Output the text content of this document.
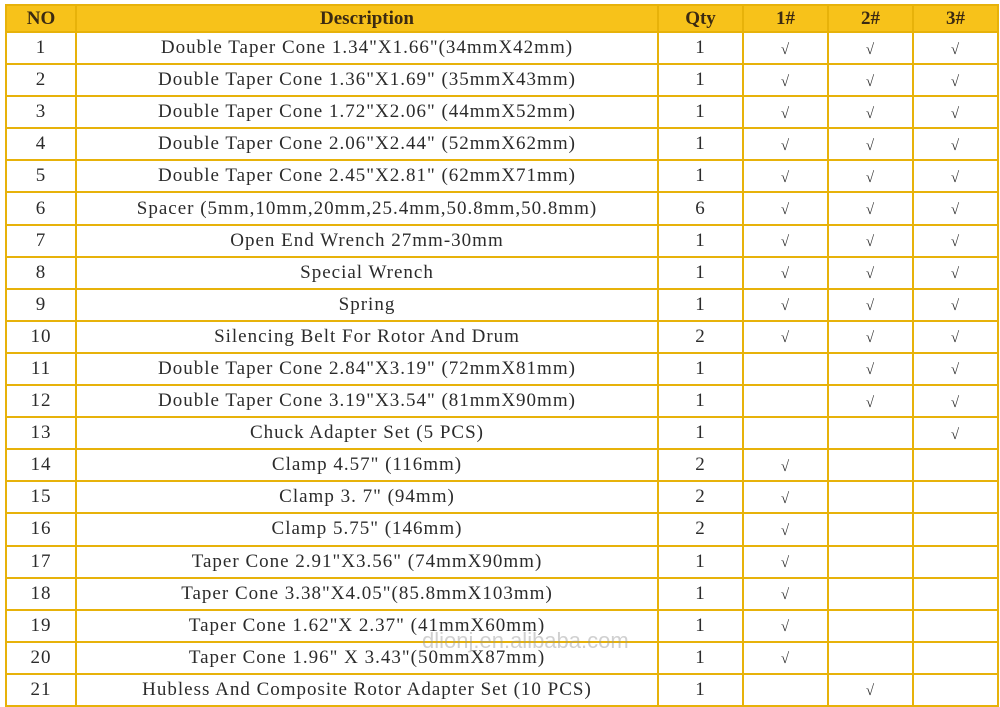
NO	Description	Qty	1#	2#	3#
1	Double Taper Cone 1.34"X1.66"(34mmX42mm)	1	√	√	√
2	Double Taper Cone 1.36"X1.69" (35mmX43mm)	1	√	√	√
3	Double Taper Cone 1.72"X2.06" (44mmX52mm)	1	√	√	√
4	Double Taper Cone 2.06"X2.44" (52mmX62mm)	1	√	√	√
5	Double Taper Cone 2.45"X2.81" (62mmX71mm)	1	√	√	√
6	Spacer (5mm,10mm,20mm,25.4mm,50.8mm,50.8mm)	6	√	√	√
7	Open End Wrench 27mm-30mm	1	√	√	√
8	Special Wrench	1	√	√	√
9	Spring	1	√	√	√
10	Silencing Belt For Rotor And Drum	2	√	√	√
11	Double Taper Cone 2.84"X3.19" (72mmX81mm)	1		√	√
12	Double Taper Cone 3.19"X3.54" (81mmX90mm)	1		√	√
13	Chuck Adapter Set (5 PCS)	1			√
14	Clamp 4.57" (116mm)	2	√		
15	Clamp 3. 7" (94mm)	2	√		
16	Clamp 5.75" (146mm)	2	√		
17	Taper Cone 2.91"X3.56" (74mmX90mm)	1	√		
18	Taper Cone 3.38"X4.05"(85.8mmX103mm)	1	√		
19	Taper Cone 1.62"X 2.37" (41mmX60mm)	1	√		
20	Taper Cone 1.96" X 3.43"(50mmX87mm)	1	√		
21	Hubless And Composite Rotor Adapter Set (10 PCS)	1		√	
dlionj.en.alibaba.com
